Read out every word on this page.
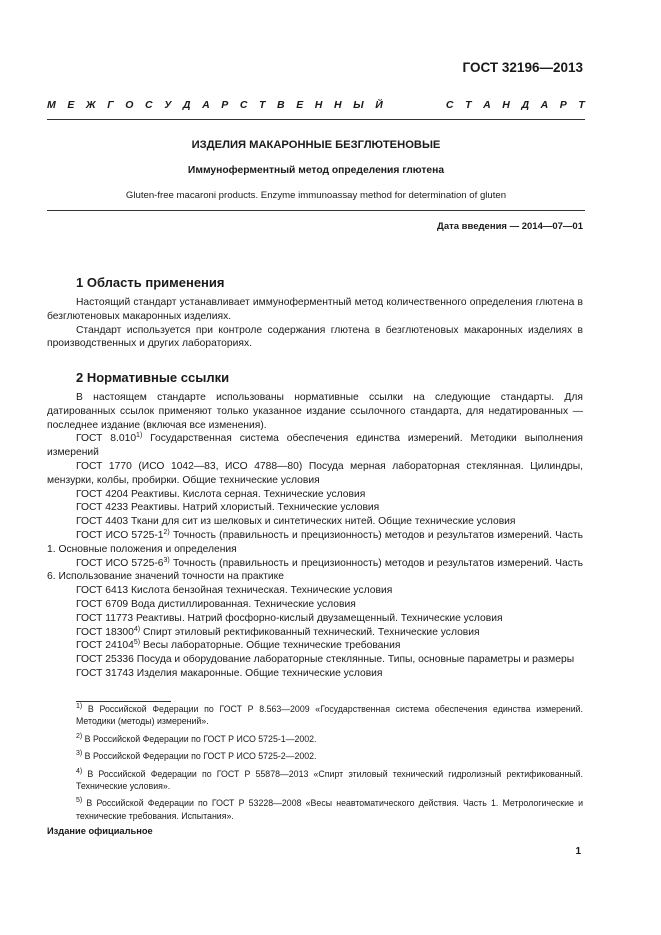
ГОСТ 32196—2013
М Е Ж Г О С У Д А Р С Т В Е Н Н Ы Й	С Т А Н Д А Р Т
ИЗДЕЛИЯ МАКАРОННЫЕ БЕЗГЛЮТЕНОВЫЕ
Иммуноферментный метод определения глютена
Gluten-free macaroni products. Enzyme immunoassay method for determination of gluten
Дата введения — 2014—07—01
1 Область применения

Настоящий стандарт устанавливает иммуноферментный метод количественного определения глютена в безглютеновых макаронных изделиях.

Стандарт используется при контроле содержания глютена в безглютеновых макаронных изделиях в производственных и других лабораториях.

2 Нормативные ссылки

В настоящем стандарте использованы нормативные ссылки на следующие стандарты. Для датированных ссылок применяют только указанное издание ссылочного стандарта, для недатированных — последнее издание (включая все изменения).

ГОСТ 8.010$^{1)}$ Государственная система обеспечения единства измерений. Методики выполнения измерений

ГОСТ 1770 (ИСО 1042—83, ИСО 4788—80) Посуда мерная лабораторная стеклянная. Цилиндры, мензурки, колбы, пробирки. Общие технические условия

ГОСТ 4204 Реактивы. Кислота серная. Технические условия

ГОСТ 4233 Реактивы. Натрий хлористый. Технические условия

ГОСТ 4403 Ткани для сит из шелковых и синтетических нитей. Общие технические условия

ГОСТ ИСО 5725-1$^{2)}$ Точность (правильность и прецизионность) методов и результатов измерений. Часть 1. Основные положения и определения

ГОСТ ИСО 5725-6$^{3)}$ Точность (правильность и прецизионность) методов и результатов измерений. Часть 6. Использование значений точности на практике

ГОСТ 6413 Кислота бензойная техническая. Технические условия

ГОСТ 6709 Вода дистиллированная. Технические условия

ГОСТ 11773 Реактивы. Натрий фосфорно-кислый двузамещенный. Технические условия

ГОСТ 18300$^{4)}$ Спирт этиловый ректификованный технический. Технические условия

ГОСТ 24104$^{5)}$ Весы лабораторные. Общие технические требования

ГОСТ 25336 Посуда и оборудование лабораторные стеклянные. Типы, основные параметры и размеры

ГОСТ 31743 Изделия макаронные. Общие технические условия

$^{1)}$ В Российской Федерации по ГОСТ Р 8.563—2009 «Государственная система обеспечения единства измерений. Методики (методы) измерений».

$^{2)}$ В Российской Федерации по ГОСТ Р ИСО 5725-1—2002.

$^{3)}$ В Российской Федерации по ГОСТ Р ИСО 5725-2—2002.

$^{4)}$ В Российской Федерации по ГОСТ Р 55878—2013 «Спирт этиловый технический гидролизный ректификованный. Технические условия».

$^{5)}$ В Российской Федерации по ГОСТ Р 53228—2008 «Весы неавтоматического действия. Часть 1. Метрологические и технические требования. Испытания».

Издание официальное
1
